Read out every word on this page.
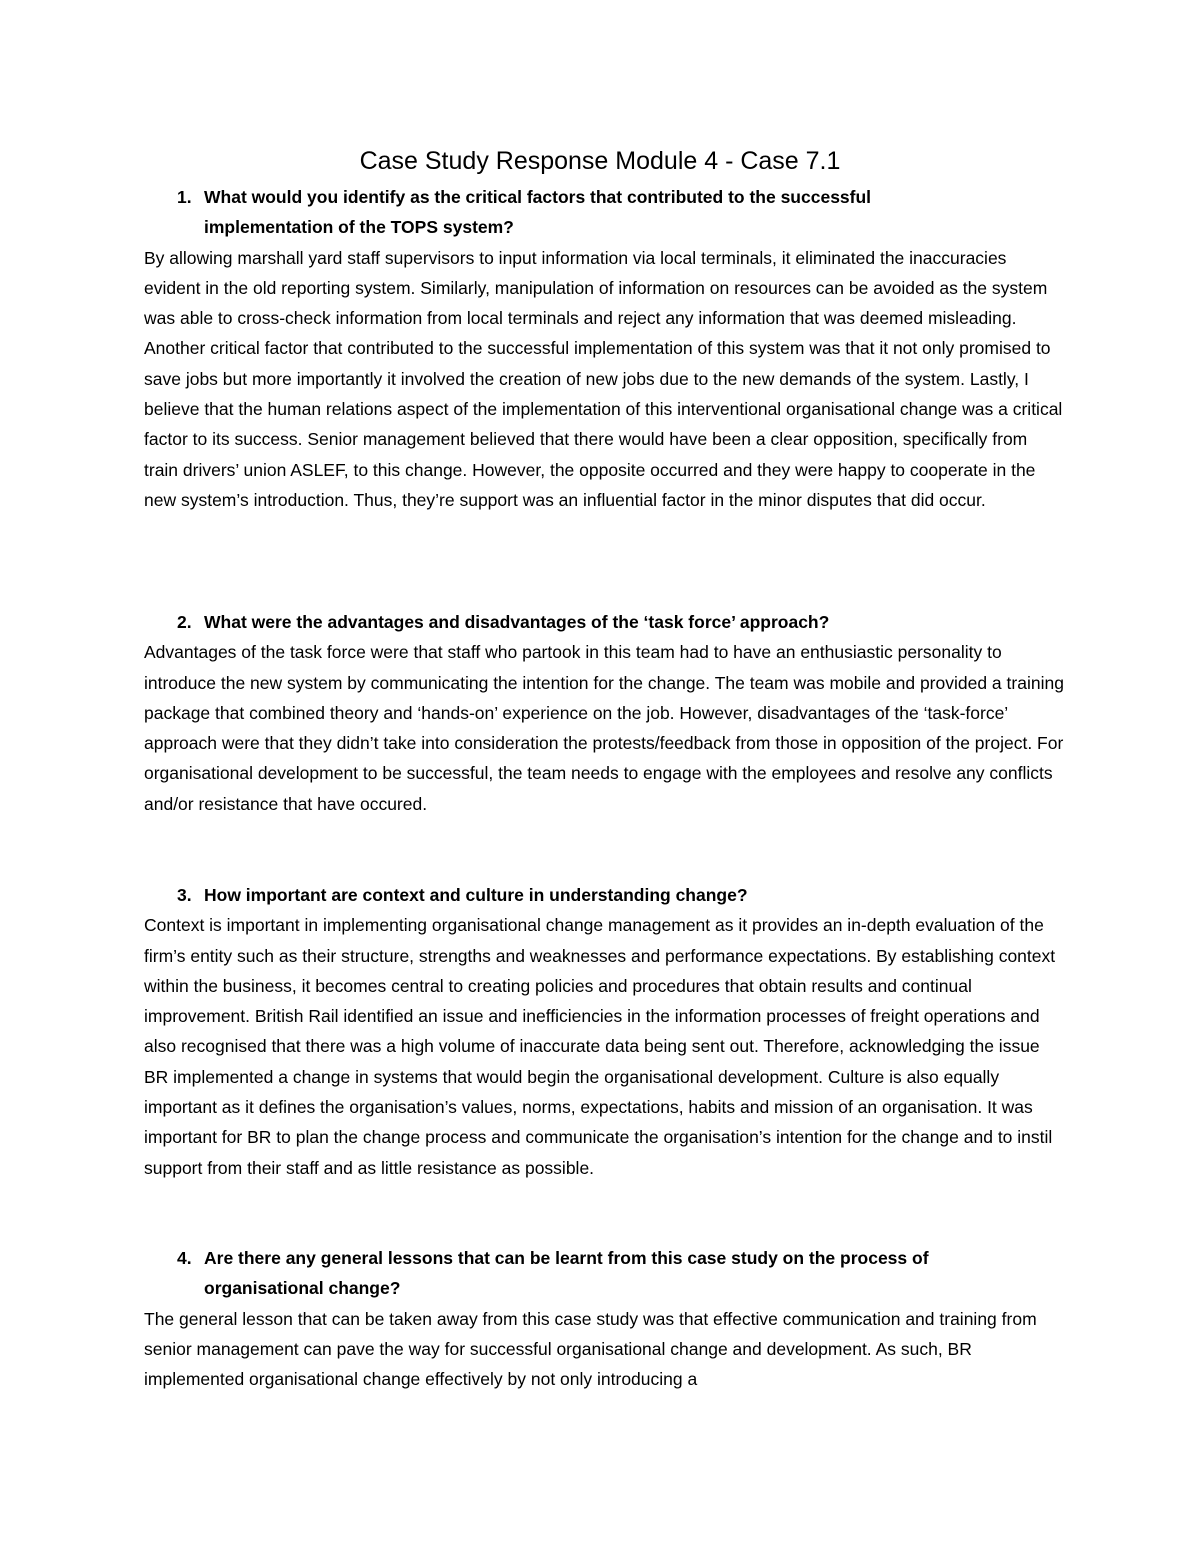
Case Study Response Module 4 - Case 7.1

1. What would you identify as the critical factors that contributed to the successful implementation of the TOPS system?

By allowing marshall yard staff supervisors to input information via local terminals, it eliminated the inaccuracies evident in the old reporting system. Similarly, manipulation of information on resources can be avoided as the system was able to cross-check information from local terminals and reject any information that was deemed misleading. Another critical factor that contributed to the successful implementation of this system was that it not only promised to save jobs but more importantly it involved the creation of new jobs due to the new demands of the system. Lastly, I believe that the human relations aspect of the implementation of this interventional organisational change was a critical factor to its success. Senior management believed that there would have been a clear opposition, specifically from train drivers’ union ASLEF, to this change. However, the opposite occurred and they were happy to cooperate in the new system’s introduction. Thus, they’re support was an influential factor in the minor disputes that did occur.

2. What were the advantages and disadvantages of the ‘task force’ approach?

Advantages of the task force were that staff who partook in this team had to have an enthusiastic personality to introduce the new system by communicating the intention for the change. The team was mobile and provided a training package that combined theory and ‘hands-on’ experience on the job. However, disadvantages of the ‘task-force’ approach were that they didn’t take into consideration the protests/feedback from those in opposition of the project. For organisational development to be successful, the team needs to engage with the employees and resolve any conflicts and/or resistance that have occured.

3. How important are context and culture in understanding change?

Context is important in implementing organisational change management as it provides an in-depth evaluation of the firm’s entity such as their structure, strengths and weaknesses and performance expectations. By establishing context within the business, it becomes central to creating policies and procedures that obtain results and continual improvement. British Rail identified an issue and inefficiencies in the information processes of freight operations and also recognised that there was a high volume of inaccurate data being sent out. Therefore, acknowledging the issue BR implemented a change in systems that would begin the organisational development. Culture is also equally important as it defines the organisation’s values, norms, expectations, habits and mission of an organisation. It was important for BR to plan the change process and communicate the organisation’s intention for the change and to instil support from their staff and as little resistance as possible.

4. Are there any general lessons that can be learnt from this case study on the process of organisational change?

The general lesson that can be taken away from this case study was that effective communication and training from senior management can pave the way for successful organisational change and development. As such, BR implemented organisational change effectively by not only introducing a
